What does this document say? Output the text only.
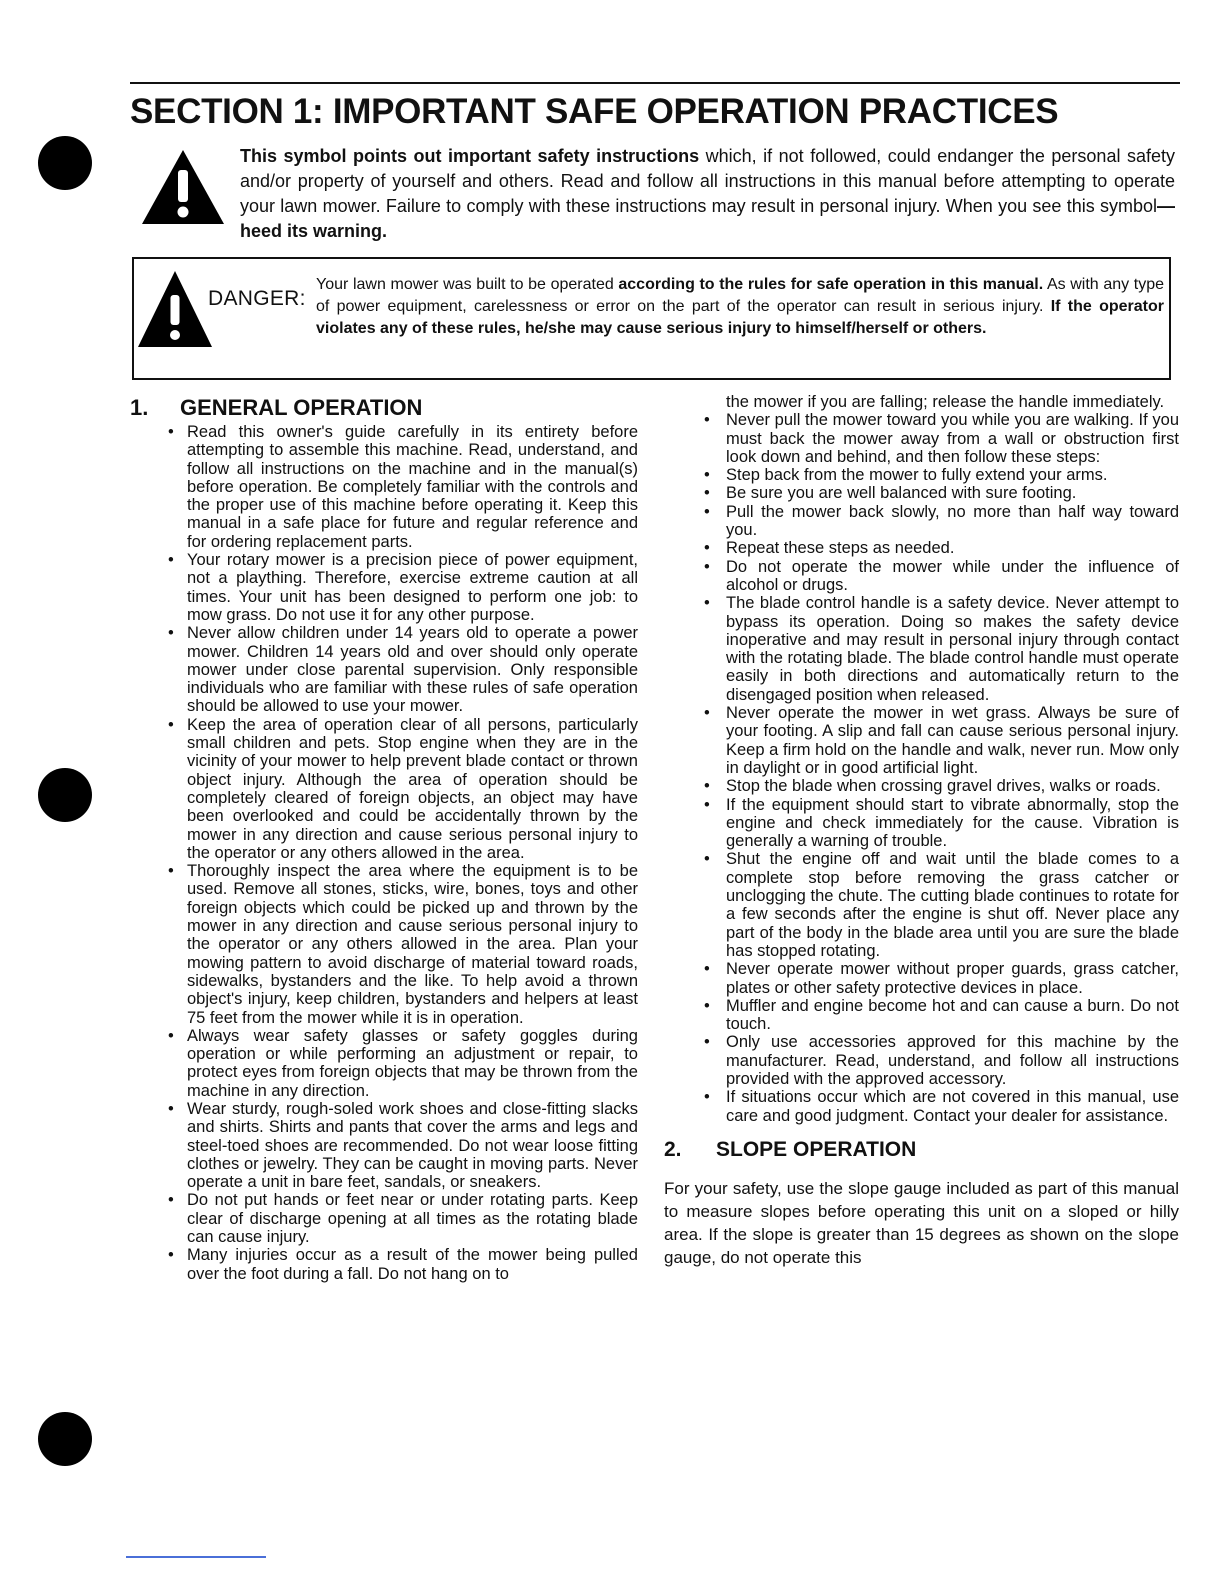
SECTION 1: IMPORTANT SAFE OPERATION PRACTICES

This symbol points out important safety instructions which, if not followed, could endanger the personal safety and/or property of yourself and others. Read and follow all instructions in this manual before attempting to operate your lawn mower. Failure to comply with these instructions may result in personal injury. When you see this symbol—heed its warning.

DANGER:

Your lawn mower was built to be operated according to the rules for safe operation in this manual. As with any type of power equipment, carelessness or error on the part of the operator can result in serious injury. If the operator violates any of these rules, he/she may cause serious injury to himself/herself or others.

1. GENERAL OPERATION
• Read this owner's guide carefully in its entirety before attempting to assemble this machine. Read, understand, and follow all instructions on the machine and in the manual(s) before operation. Be completely familiar with the controls and the proper use of this machine before operating it. Keep this manual in a safe place for future and regular reference and for ordering replacement parts.
• Your rotary mower is a precision piece of power equipment, not a plaything. Therefore, exercise extreme caution at all times. Your unit has been designed to perform one job: to mow grass. Do not use it for any other purpose.
• Never allow children under 14 years old to operate a power mower. Children 14 years old and over should only operate mower under close parental supervision. Only responsible individuals who are familiar with these rules of safe operation should be allowed to use your mower.
• Keep the area of operation clear of all persons, particularly small children and pets. Stop engine when they are in the vicinity of your mower to help prevent blade contact or thrown object injury. Although the area of operation should be completely cleared of foreign objects, an object may have been overlooked and could be accidentally thrown by the mower in any direction and cause serious personal injury to the operator or any others allowed in the area.
• Thoroughly inspect the area where the equipment is to be used. Remove all stones, sticks, wire, bones, toys and other foreign objects which could be picked up and thrown by the mower in any direction and cause serious personal injury to the operator or any others allowed in the area. Plan your mowing pattern to avoid discharge of material toward roads, sidewalks, bystanders and the like. To help avoid a thrown object's injury, keep children, bystanders and helpers at least 75 feet from the mower while it is in operation.
• Always wear safety glasses or safety goggles during operation or while performing an adjustment or repair, to protect eyes from foreign objects that may be thrown from the machine in any direction.
• Wear sturdy, rough-soled work shoes and close-fitting slacks and shirts. Shirts and pants that cover the arms and legs and steel-toed shoes are recommended. Do not wear loose fitting clothes or jewelry. They can be caught in moving parts. Never operate a unit in bare feet, sandals, or sneakers.
• Do not put hands or feet near or under rotating parts. Keep clear of discharge opening at all times as the rotating blade can cause injury.
• Many injuries occur as a result of the mower being pulled over the foot during a fall. Do not hang on to

the mower if you are falling; release the handle immediately.

• Never pull the mower toward you while you are walking. If you must back the mower away from a wall or obstruction first look down and behind, and then follow these steps:
• Step back from the mower to fully extend your arms.
• Be sure you are well balanced with sure footing.
• Pull the mower back slowly, no more than half way toward you.
• Repeat these steps as needed.
• Do not operate the mower while under the influence of alcohol or drugs.
• The blade control handle is a safety device. Never attempt to bypass its operation. Doing so makes the safety device inoperative and may result in personal injury through contact with the rotating blade. The blade control handle must operate easily in both directions and automatically return to the disengaged position when released.
• Never operate the mower in wet grass. Always be sure of your footing. A slip and fall can cause serious personal injury. Keep a firm hold on the handle and walk, never run. Mow only in daylight or in good artificial light.
• Stop the blade when crossing gravel drives, walks or roads.
• If the equipment should start to vibrate abnormally, stop the engine and check immediately for the cause. Vibration is generally a warning of trouble.
• Shut the engine off and wait until the blade comes to a complete stop before removing the grass catcher or unclogging the chute. The cutting blade continues to rotate for a few seconds after the engine is shut off. Never place any part of the body in the blade area until you are sure the blade has stopped rotating.
• Never operate mower without proper guards, grass catcher, plates or other safety protective devices in place.
• Muffler and engine become hot and can cause a burn. Do not touch.
• Only use accessories approved for this machine by the manufacturer. Read, understand, and follow all instructions provided with the approved accessory.
• If situations occur which are not covered in this manual, use care and good judgment. Contact your dealer for assistance.
2. SLOPE OPERATION

For your safety, use the slope gauge included as part of this manual to measure slopes before operating this unit on a sloped or hilly area. If the slope is greater than 15 degrees as shown on the slope gauge, do not operate this
